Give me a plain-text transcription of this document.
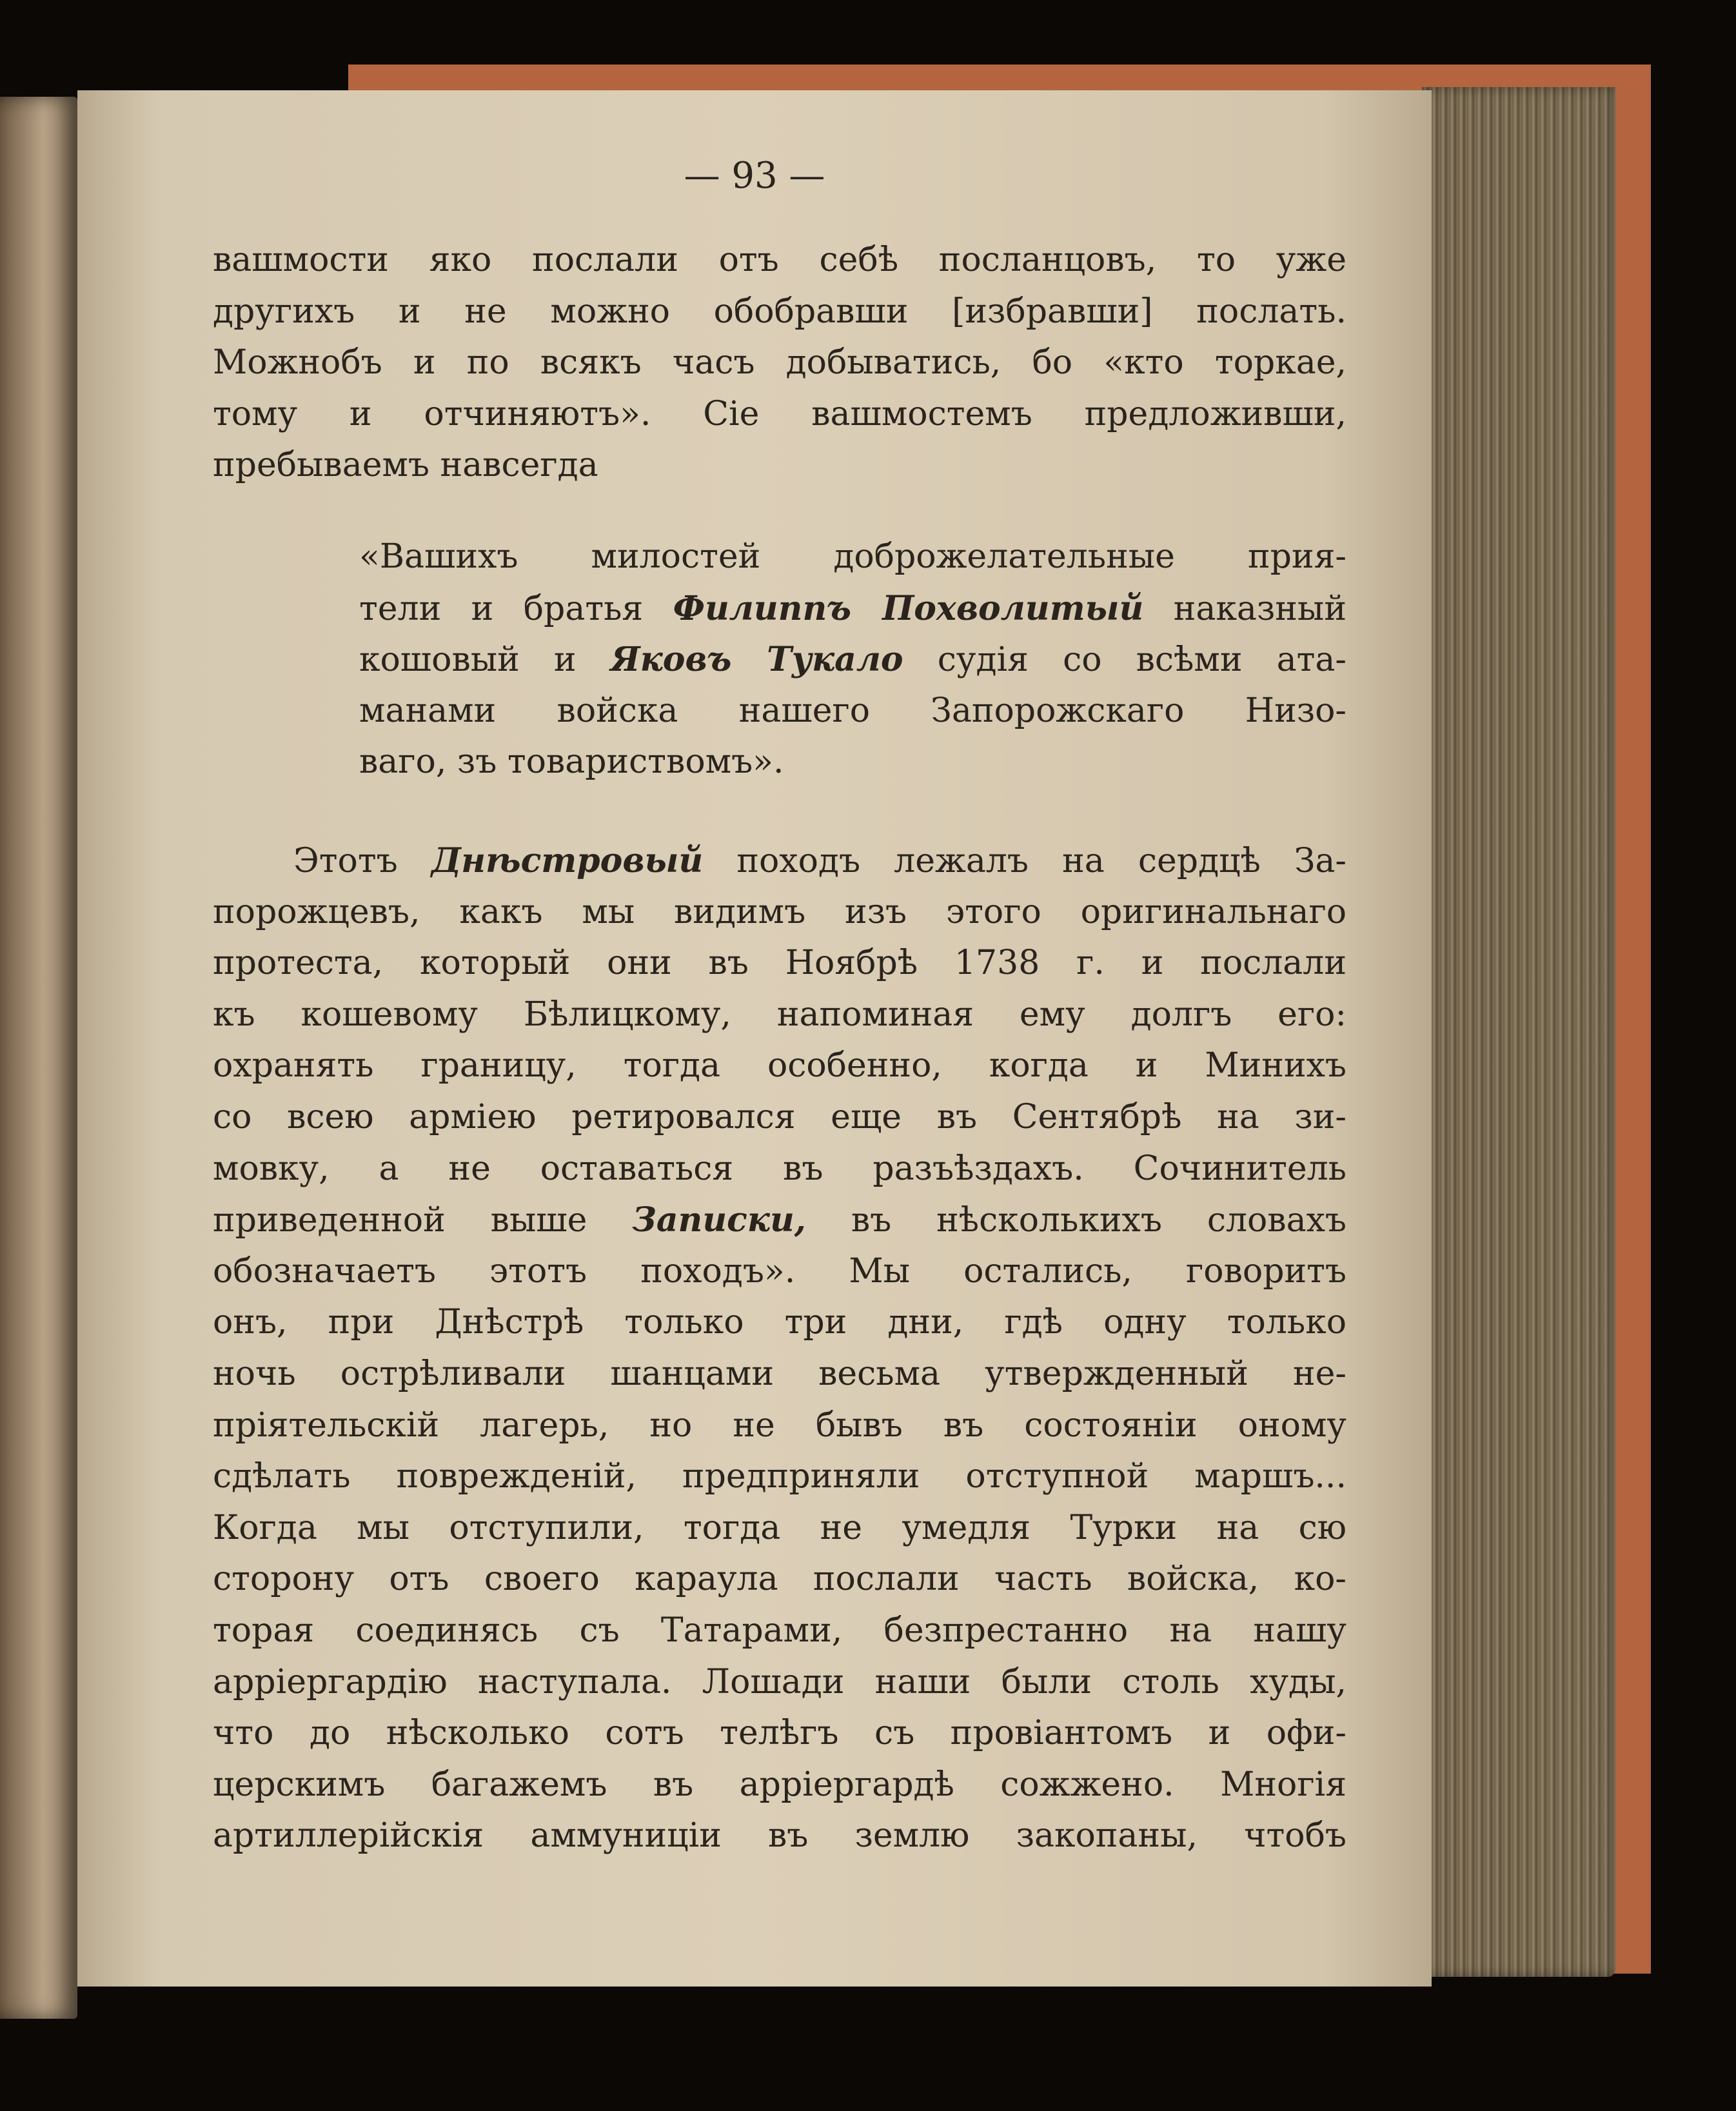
— 93 —
вашмости яко послали отъ себѣ посланцовъ, то уже
другихъ и не можно обобравши [избравши] послать.
Можнобъ и по всякъ часъ добыватись, бо «кто торкае,
тому и отчиняютъ». Сіе вашмостемъ предложивши,
пребываемъ навсегда
«Вашихъ милостей доброжелательные прия-
тели и братья Филиппъ Похволитый наказный
кошовый и Яковъ Тукало судія со всѣми ата-
манами войска нашего Запорожскаго Низо-
ваго, зъ товариствомъ».
Этотъ Днѣстровый походъ лежалъ на сердцѣ За-
порожцевъ, какъ мы видимъ изъ этого оригинальнаго
протеста, который они въ Ноябрѣ 1738 г. и послали
къ кошевому Бѣлицкому, напоминая ему долгъ его:
охранять границу, тогда особенно, когда и Минихъ
со всею арміею ретировался еще въ Сентябрѣ на зи-
мовку, а не оставаться въ разъѣздахъ. Сочинитель
приведенной выше Записки, въ нѣсколькихъ словахъ
обозначаетъ этотъ походъ». Мы остались, говоритъ
онъ, при Днѣстрѣ только три дни, гдѣ одну только
ночь острѣливали шанцами весьма утвержденный не-
пріятельскій лагерь, но не бывъ въ состояніи оному
сдѣлать поврежденій, предприняли отступной маршъ...
Когда мы отступили, тогда не умедля Турки на сю
сторону отъ своего караула послали часть войска, ко-
торая соединясь съ Татарами, безпрестанно на нашу
арріергардію наступала. Лошади наши были столь худы,
что до нѣсколько сотъ телѣгъ съ провіантомъ и офи-
церскимъ багажемъ въ арріергардѣ сожжено. Многія
артиллерійскія аммуниціи въ землю закопаны, чтобъ
